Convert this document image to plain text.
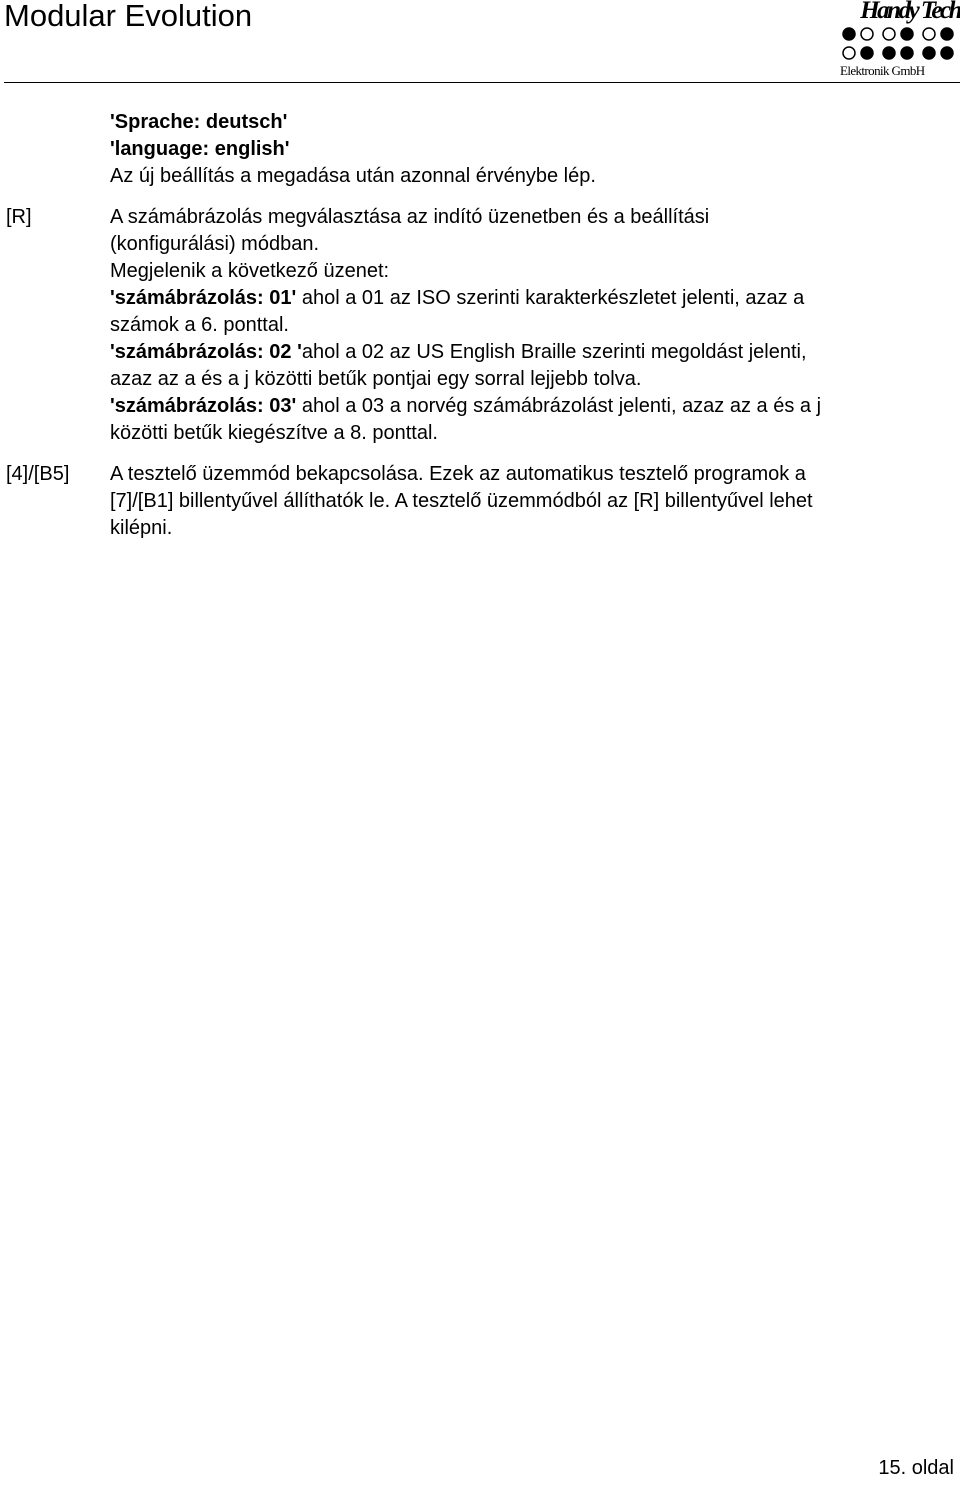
Modular Evolution	Handy Tech
Elektronik GmbH
'Sprache: deutsch'
'language: english'
Az új beállítás a megadása után azonnal érvénybe lép.
[R]	A számábrázolás megválasztása az indító üzenetben és a beállítási
(konfigurálási) módban.
Megjelenik a következő üzenet:
'számábrázolás: 01' ahol a 01 az ISO szerinti karakterkészletet jelenti, azaz a
számok a 6. ponttal.
'számábrázolás: 02 'ahol a 02 az US English Braille szerinti megoldást jelenti,
azaz az a és a j közötti betűk pontjai egy sorral lejjebb tolva.
'számábrázolás: 03' ahol a 03 a norvég számábrázolást jelenti, azaz az a és a j
közötti betűk kiegészítve a 8. ponttal.
[4]/[B5] A tesztelő üzemmód bekapcsolása. Ezek az automatikus tesztelő programok a
[7]/[B1] billentyűvel állíthatók le. A tesztelő üzemmódból az [R] billentyűvel lehet
kilépni.
15. oldal
